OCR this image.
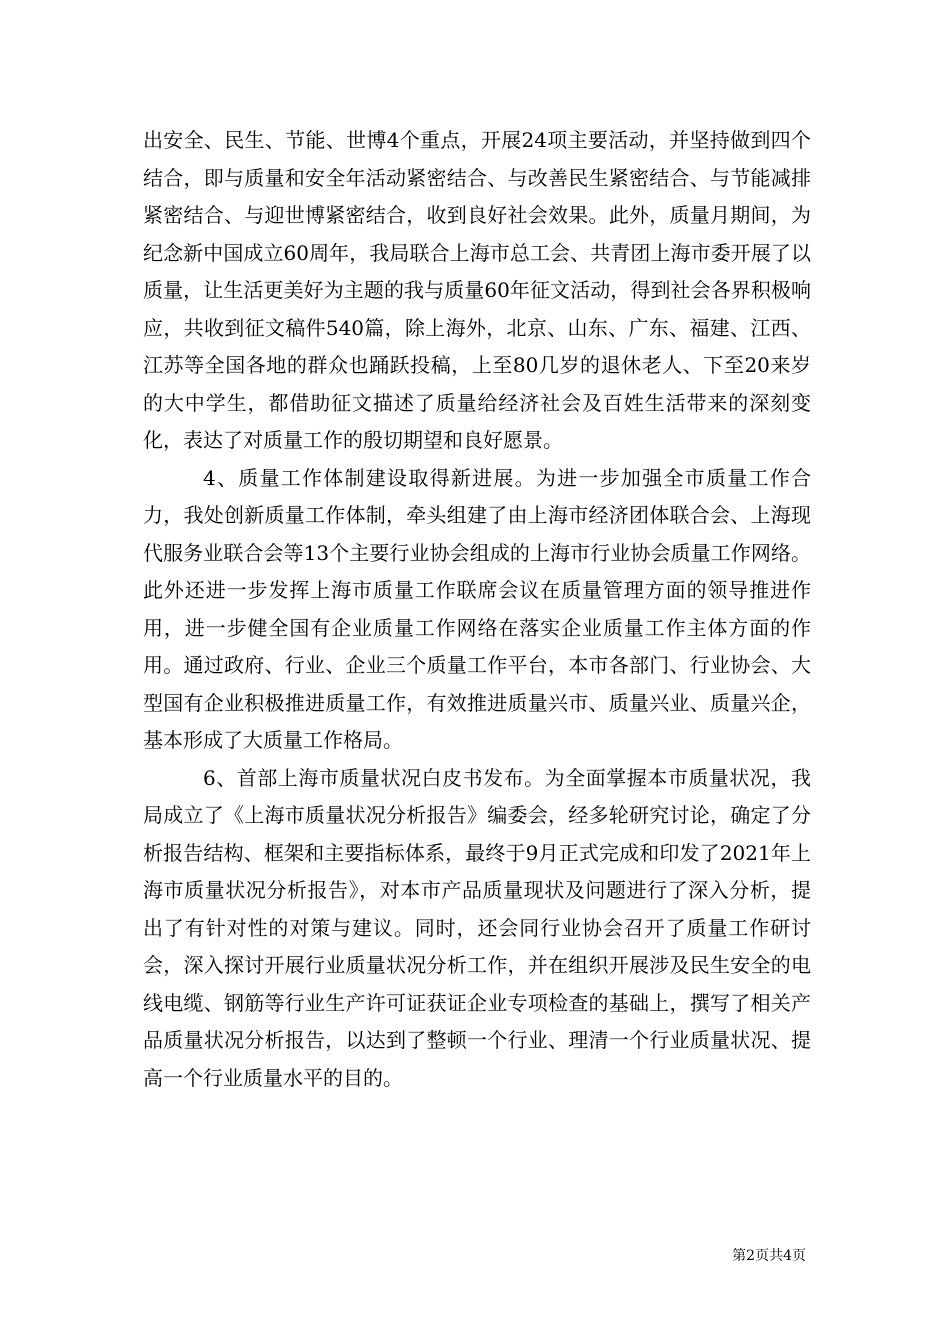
出安全、民生、节能、世博4个重点，开展24项主要活动，并坚持做到四个结合，即与质量和安全年活动紧密结合、与改善民生紧密结合、与节能减排紧密结合、与迎世博紧密结合，收到良好社会效果。此外，质量月期间，为纪念新中国成立60周年，我局联合上海市总工会、共青团上海市委开展了以质量，让生活更美好为主题的我与质量60年征文活动，得到社会各界积极响应，共收到征文稿件540篇，除上海外，北京、山东、广东、福建、江西、江苏等全国各地的群众也踊跃投稿，上至80几岁的退休老人、下至20来岁的大中学生，都借助征文描述了质量给经济社会及百姓生活带来的深刻变化，表达了对质量工作的殷切期望和良好愿景。

4、质量工作体制建设取得新进展。为进一步加强全市质量工作合力，我处创新质量工作体制，牵头组建了由上海市经济团体联合会、上海现代服务业联合会等13个主要行业协会组成的上海市行业协会质量工作网络。此外还进一步发挥上海市质量工作联席会议在质量管理方面的领导推进作用，进一步健全国有企业质量工作网络在落实企业质量工作主体方面的作用。通过政府、行业、企业三个质量工作平台，本市各部门、行业协会、大型国有企业积极推进质量工作，有效推进质量兴市、质量兴业、质量兴企，基本形成了大质量工作格局。

6、首部上海市质量状况白皮书发布。为全面掌握本市质量状况，我局成立了《上海市质量状况分析报告》编委会，经多轮研究讨论，确定了分析报告结构、框架和主要指标体系，最终于9月正式完成和印发了2021年上海市质量状况分析报告》，对本市产品质量现状及问题进行了深入分析，提出了有针对性的对策与建议。同时，还会同行业协会召开了质量工作研讨会，深入探讨开展行业质量状况分析工作，并在组织开展涉及民生安全的电线电缆、钢筋等行业生产许可证获证企业专项检查的基础上，撰写了相关产品质量状况分析报告，以达到了整顿一个行业、理清一个行业质量状况、提高一个行业质量水平的目的。

第2页共4页
